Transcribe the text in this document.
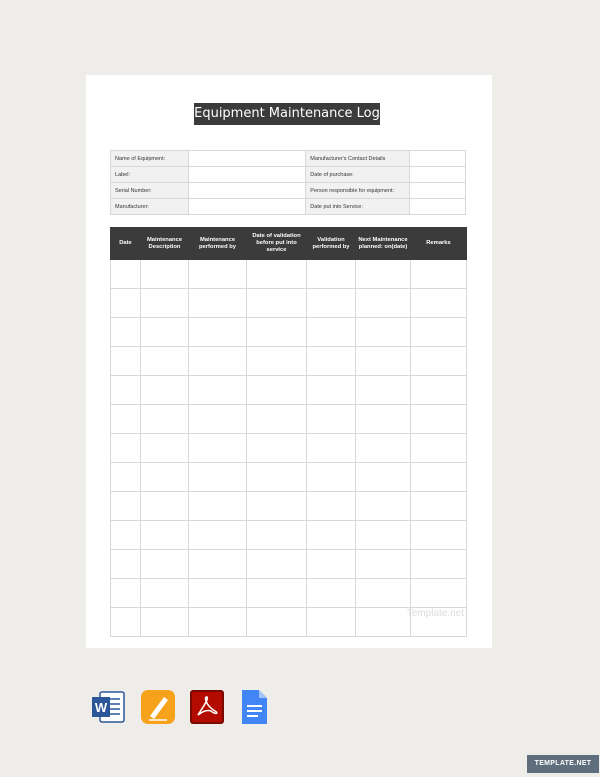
Equipment Maintenance Log
Name of Equipment:		Manufacturer's Contact Details	
Label:		Date of purchase:	
Serial Number:		Person responsible for equipment:	
Manufacturer:		Date put into Service:	
Date	Maintenance Description	Maintenance performed by	Date of validation before put into service	Validation performed by	Next Maintenance planned: on(date)	Remarks

Template.net
W
TEMPLATE.NET
